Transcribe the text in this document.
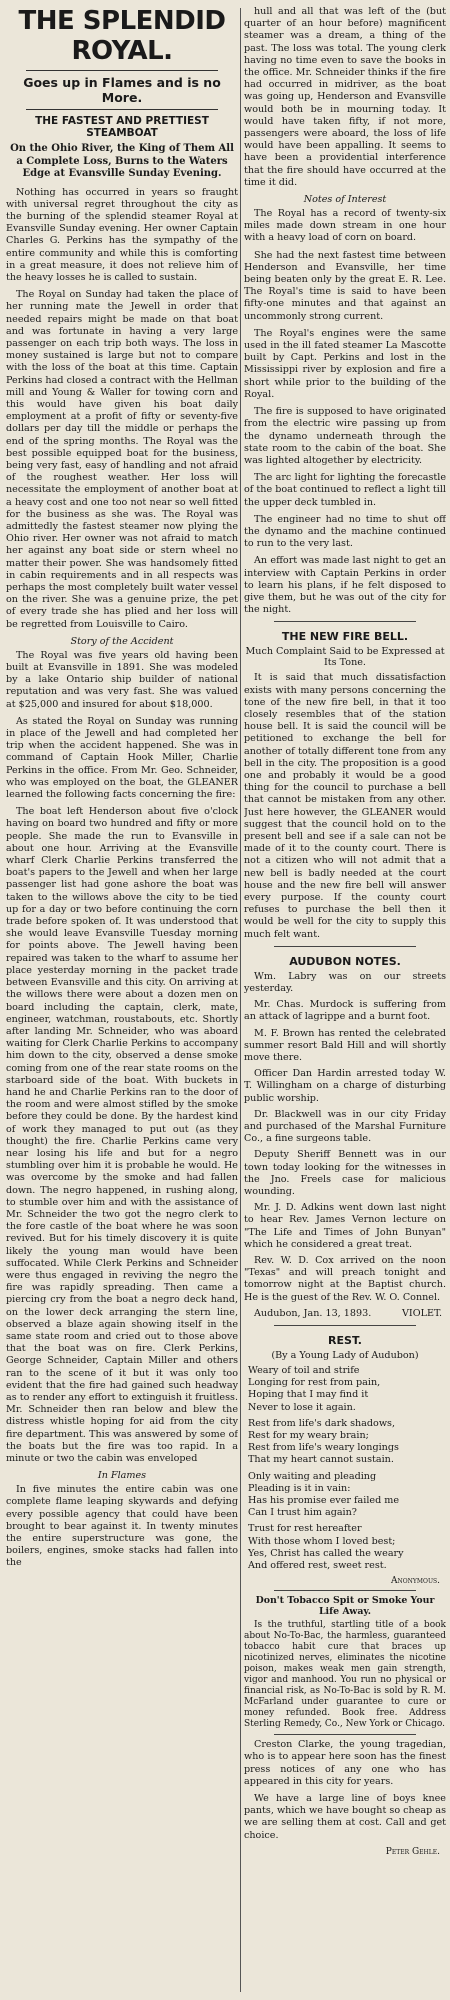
THE SPLENDID ROYAL.
Goes up in Flames and is no More.
THE FASTEST AND PRETTIEST STEAMBOAT
On the Ohio River, the King of Them All a Complete Loss, Burns to the Waters Edge at Evansville Sunday Evening.

Nothing has occurred in years so fraught with universal regret throughout the city as the burning of the splendid steamer Royal at Evansville Sunday evening. Her owner Captain Charles G. Perkins has the sympathy of the entire community and while this is comforting in a great measure, it does not relieve him of the heavy losses he is called to sustain.

The Royal on Sunday had taken the place of her running mate the Jewell in order that needed repairs might be made on that boat and was fortunate in having a very large passenger on each trip both ways. The loss in money sustained is large but not to compare with the loss of the boat at this time. Captain Perkins had closed a contract with the Hellman mill and Young & Waller for towing corn and this would have given his boat daily employment at a profit of fifty or seventy-five dollars per day till the middle or perhaps the end of the spring months. The Royal was the best possible equipped boat for the business, being very fast, easy of handling and not afraid of the roughest weather. Her loss will necessitate the employment of another boat at a heavy cost and one too not near so well fitted for the business as she was. The Royal was admittedly the fastest steamer now plying the Ohio river. Her owner was not afraid to match her against any boat side or stern wheel no matter their power. She was handsomely fitted in cabin requirements and in all respects was perhaps the most completely built water vessel on the river. She was a genuine prize, the pet of every trade she has plied and her loss will be regretted from Louisville to Cairo.

Story of the Accident

The Royal was five years old having been built at Evansville in 1891. She was modeled by a lake Ontario ship builder of national reputation and was very fast. She was valued at $25,000 and insured for about $18,000.

As stated the Royal on Sunday was running in place of the Jewell and had completed her trip when the accident happened. She was in command of Captain Hook Miller, Charlie Perkins in the office. From Mr. Geo. Schneider, who was employed on the boat, the GLEANER learned the following facts concerning the fire:

The boat left Henderson about five o'clock having on board two hundred and fifty or more people. She made the run to Evansville in about one hour. Arriving at the Evansville wharf Clerk Charlie Perkins transferred the boat's papers to the Jewell and when her large passenger list had gone ashore the boat was taken to the willows above the city to be tied up for a day or two before continuing the corn trade before spoken of. It was understood that she would leave Evansville Tuesday morning for points above. The Jewell having been repaired was taken to the wharf to assume her place yesterday morning in the packet trade between Evansville and this city. On arriving at the willows there were about a dozen men on board including the captain, clerk, mate, engineer, watchman, roustabouts, etc. Shortly after landing Mr. Schneider, who was aboard waiting for Clerk Charlie Perkins to accompany him down to the city, observed a dense smoke coming from one of the rear state rooms on the starboard side of the boat. With buckets in hand he and Charlie Perkins ran to the door of the room and were almost stifled by the smoke before they could be done. By the hardest kind of work they managed to put out (as they thought) the fire. Charlie Perkins came very near losing his life and but for a negro stumbling over him it is probable he would. He was overcome by the smoke and had fallen down. The negro happened, in rushing along, to stumble over him and with the assistance of Mr. Schneider the two got the negro clerk to the fore castle of the boat where he was soon revived. But for his timely discovery it is quite likely the young man would have been suffocated. While Clerk Perkins and Schneider were thus engaged in reviving the negro the fire was rapidly spreading. Then came a piercing cry from the boat a negro deck hand, on the lower deck arranging the stern line, observed a blaze again showing itself in the same state room and cried out to those above that the boat was on fire. Clerk Perkins, George Schneider, Captain Miller and others ran to the scene of it but it was only too evident that the fire had gained such headway as to render any effort to extinguish it fruitless. Mr. Schneider then ran below and blew the distress whistle hoping for aid from the city fire department. This was answered by some of the boats but the fire was too rapid. In a minute or two the cabin was enveloped

In Flames

In five minutes the entire cabin was one complete flame leaping skywards and defying every possible agency that could have been brought to bear against it. In twenty minutes the entire superstructure was gone, the boilers, engines, smoke stacks had fallen into the

hull and all that was left of the (but quarter of an hour before) magnificent steamer was a dream, a thing of the past. The loss was total. The young clerk having no time even to save the books in the office. Mr. Schneider thinks if the fire had occurred in midriver, as the boat was going up, Henderson and Evansville would both be in mourning today. It would have taken fifty, if not more, passengers were aboard, the loss of life would have been appalling. It seems to have been a providential interference that the fire should have occurred at the time it did.

Notes of Interest

The Royal has a record of twenty-six miles made down stream in one hour with a heavy load of corn on board.

She had the next fastest time between Henderson and Evansville, her time being beaten only by the great E. R. Lee. The Royal's time is said to have been fifty-one minutes and that against an uncommonly strong current.

The Royal's engines were the same used in the ill fated steamer La Mascotte built by Capt. Perkins and lost in the Mississippi river by explosion and fire a short while prior to the building of the Royal.

The fire is supposed to have originated from the electric wire passing up from the dynamo underneath through the state room to the cabin of the boat. She was lighted altogether by electricity.

The arc light for lighting the forecastle of the boat continued to reflect a light till the upper deck tumbled in.

The engineer had no time to shut off the dynamo and the machine continued to run to the very last.

An effort was made last night to get an interview with Captain Perkins in order to learn his plans, if he felt disposed to give them, but he was out of the city for the night.

THE NEW FIRE BELL.
Much Complaint Said to be Expressed at Its Tone.

It is said that much dissatisfaction exists with many persons concerning the tone of the new fire bell, in that it too closely resembles that of the station house bell. It is said the council will be petitioned to exchange the bell for another of totally different tone from any bell in the city. The proposition is a good one and probably it would be a good thing for the council to purchase a bell that cannot be mistaken from any other. Just here however, the GLEANER would suggest that the council hold on to the present bell and see if a sale can not be made of it to the county court. There is not a citizen who will not admit that a new bell is badly needed at the court house and the new fire bell will answer every purpose. If the county court refuses to purchase the bell then it would be well for the city to supply this much felt want.

AUDUBON NOTES.

Wm. Labry was on our streets yesterday.

Mr. Chas. Murdock is suffering from an attack of lagrippe and a burnt foot.

M. F. Brown has rented the celebrated summer resort Bald Hill and will shortly move there.

Officer Dan Hardin arrested today W. T. Willingham on a charge of disturbing public worship.

Dr. Blackwell was in our city Friday and purchased of the Marshal Furniture Co., a fine surgeons table.

Deputy Sheriff Bennett was in our town today looking for the witnesses in the Jno. Freels case for malicious wounding.

Mr. J. D. Adkins went down last night to hear Rev. James Vernon lecture on "The Life and Times of John Bunyan" which he considered a great treat.

Rev. W. D. Cox arrived on the noon "Texas" and will preach tonight and tomorrow night at the Baptist church. He is the guest of the Rev. W. O. Connel.

Audubon, Jan. 13, 1893.	VIOLET.
REST.
(By a Young Lady of Audubon)
Weary of toil and strife
Longing for rest from pain,
Hoping that I may find it
Never to lose it again.
Rest from life's dark shadows,
Rest for my weary brain;
Rest from life's weary longings
That my heart cannot sustain.
Only waiting and pleading
Pleading is it in vain:
Has his promise ever failed me
Can I trust him again?
Trust for rest hereafter
With those whom I loved best;
Yes, Christ has called the weary
And offered rest, sweet rest.
Anonymous.
Don't Tobacco Spit or Smoke Your Life Away.

Is the truthful, startling title of a book about No-To-Bac, the harmless, guaranteed tobacco habit cure that braces up nicotinized nerves, eliminates the nicotine poison, makes weak men gain strength, vigor and manhood. You run no physical or financial risk, as No-To-Bac is sold by R. M. McFarland under guarantee to cure or money refunded. Book free. Address Sterling Remedy, Co., New York or Chicago.

Creston Clarke, the young tragedian, who is to appear here soon has the finest press notices of any one who has appeared in this city for years.

We have a large line of boys knee pants, which we have bought so cheap as we are selling them at cost. Call and get choice.

Peter Gehle.
